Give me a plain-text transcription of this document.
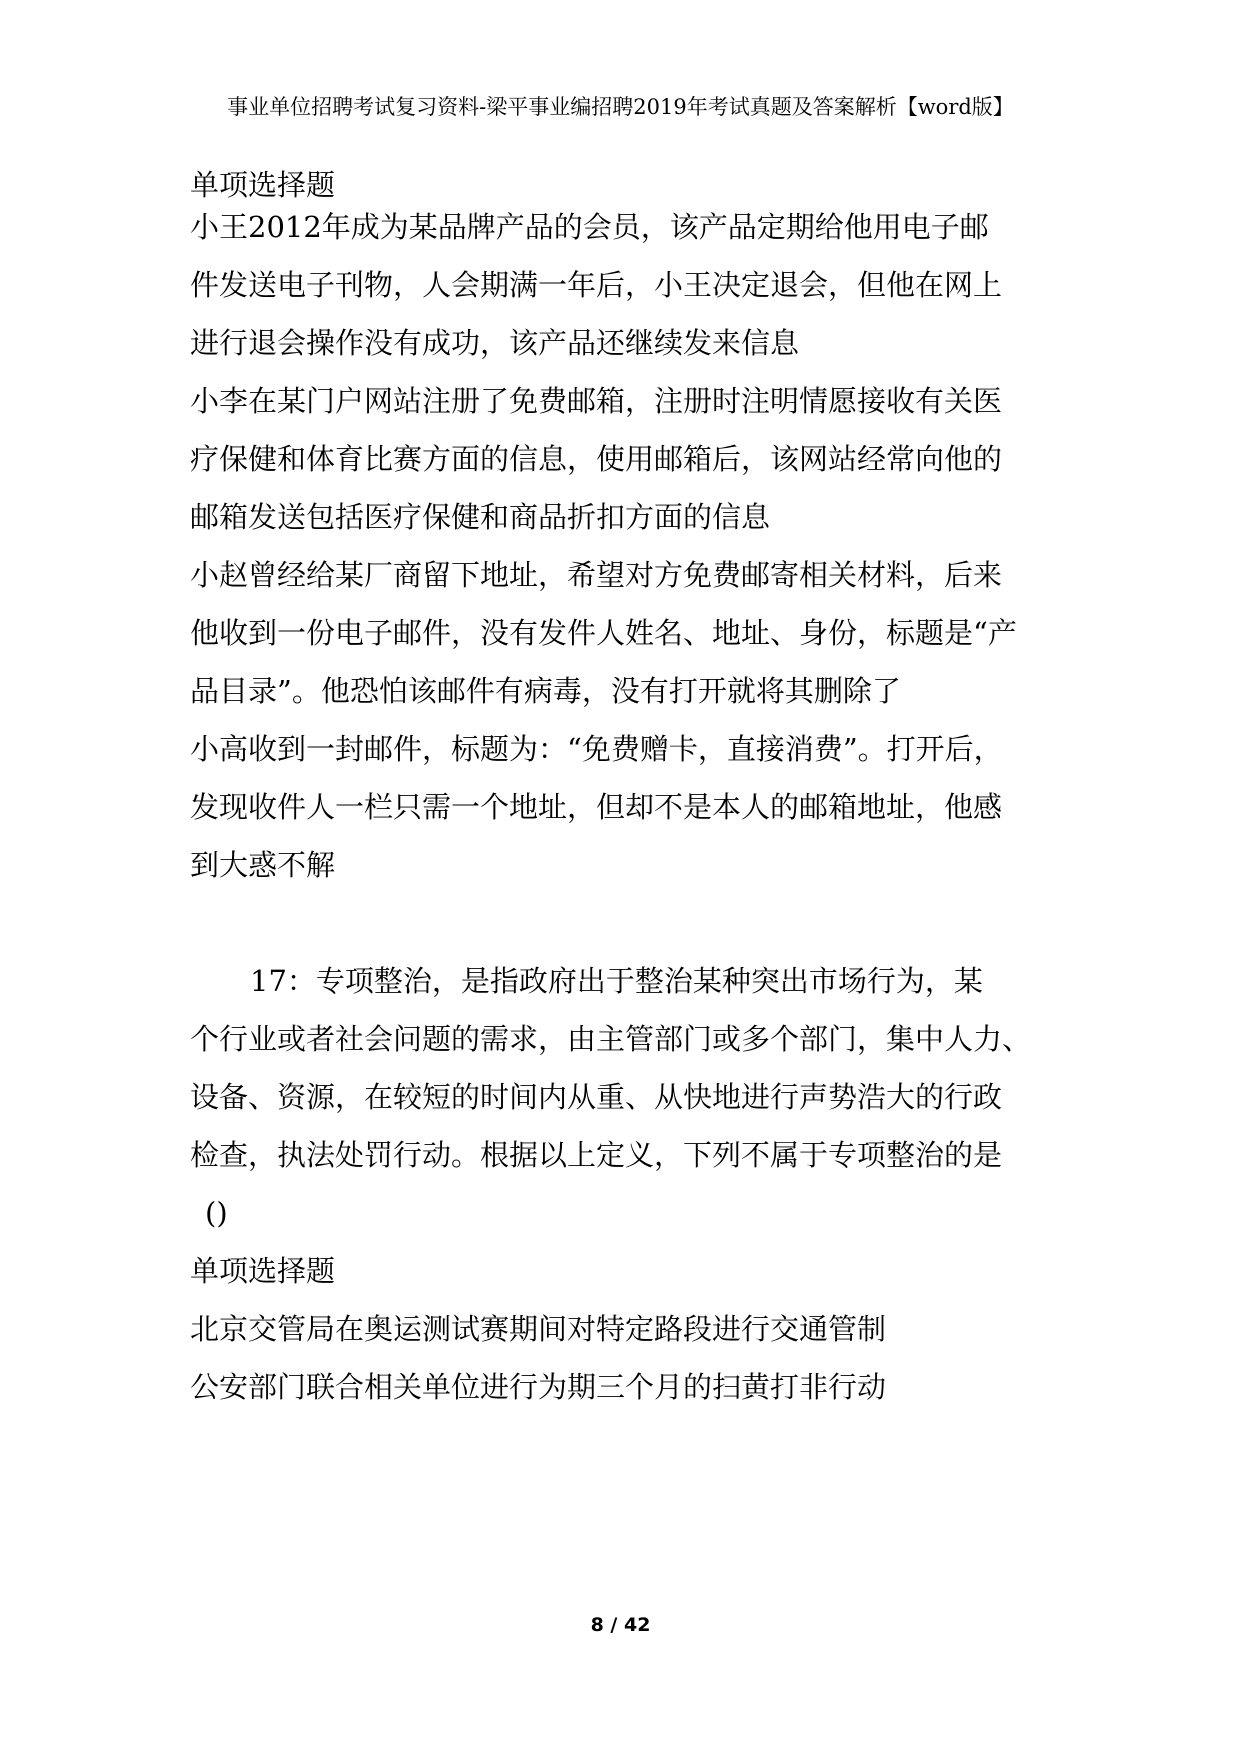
事业单位招聘考试复习资料-梁平事业编招聘2019年考试真题及答案解析【word版】
单项选择题
小王2012年成为某品牌产品的会员，该产品定期给他用电子邮
件发送电子刊物，人会期满一年后，小王决定退会，但他在网上
进行退会操作没有成功，该产品还继续发来信息
小李在某门户网站注册了免费邮箱，注册时注明情愿接收有关医
疗保健和体育比赛方面的信息，使用邮箱后，该网站经常向他的
邮箱发送包括医疗保健和商品折扣方面的信息
小赵曾经给某厂商留下地址，希望对方免费邮寄相关材料，后来
他收到一份电子邮件，没有发件人姓名、地址、身份，标题是“产
品目录”。他恐怕该邮件有病毒，没有打开就将其删除了
小高收到一封邮件，标题为：“免费赠卡，直接消费”。打开后，
发现收件人一栏只需一个地址，但却不是本人的邮箱地址，他感
到大惑不解
17：专项整治，是指政府出于整治某种突出市场行为，某
个行业或者社会问题的需求，由主管部门或多个部门，集中人力、
设备、资源，在较短的时间内从重、从快地进行声势浩大的行政
检查，执法处罚行动。根据以上定义，下列不属于专项整治的是
()
单项选择题
北京交管局在奥运测试赛期间对特定路段进行交通管制
公安部门联合相关单位进行为期三个月的扫黄打非行动
8 / 42
